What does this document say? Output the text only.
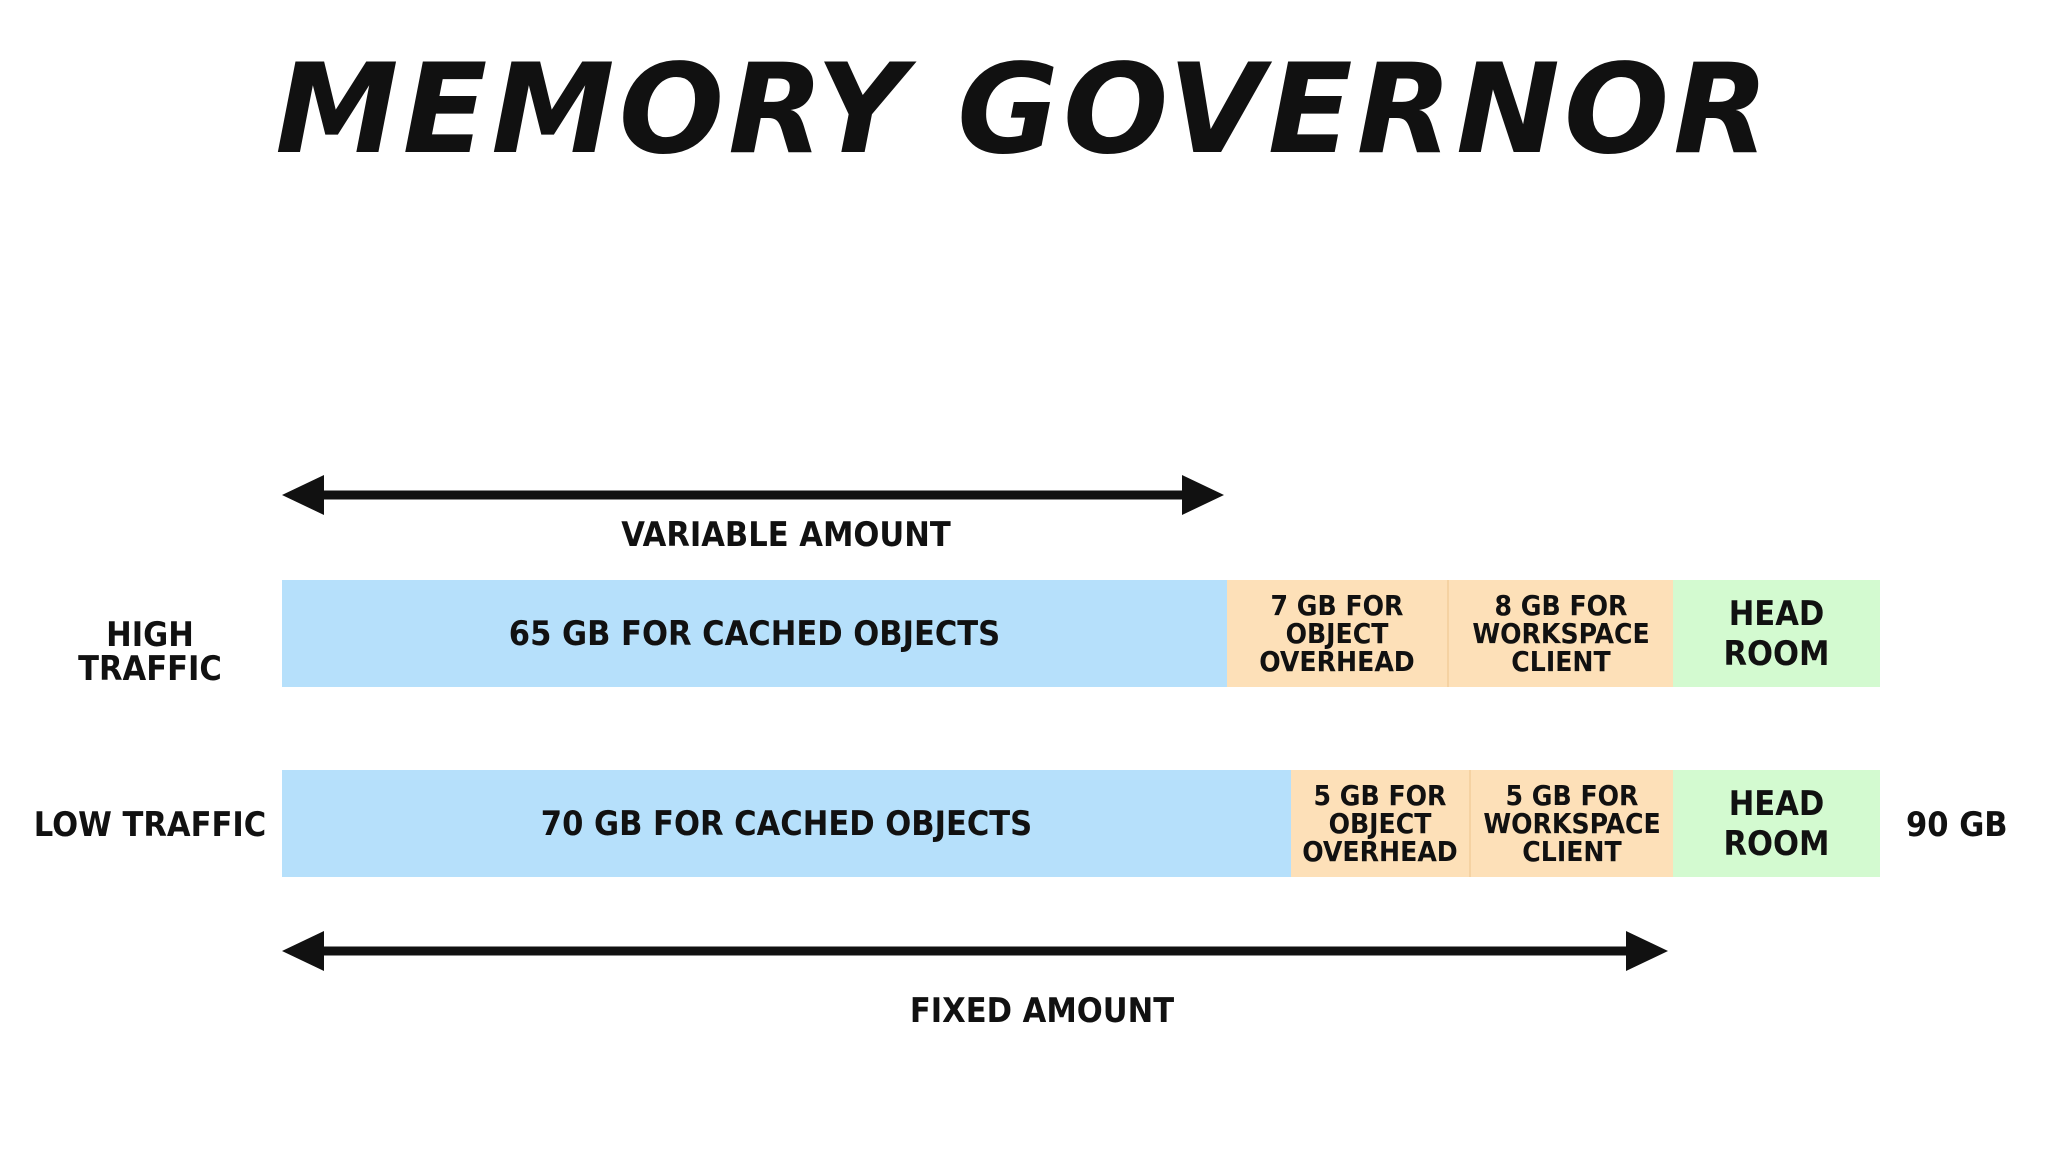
MEMORY GOVERNOR
VARIABLE AMOUNT
HIGH TRAFFIC
65 GB FOR CACHED OBJECTS
7 GB FOR
OBJECT
OVERHEAD
8 GB FOR
WORKSPACE
CLIENT
HEAD ROOM
LOW TRAFFIC	70 GB FOR CACHED OBJECTS
5 GB FOR
OBJECT
OVERHEAD
5 GB FOR
WORKSPACE
CLIENT
HEAD ROOM	90 GB
FIXED AMOUNT
